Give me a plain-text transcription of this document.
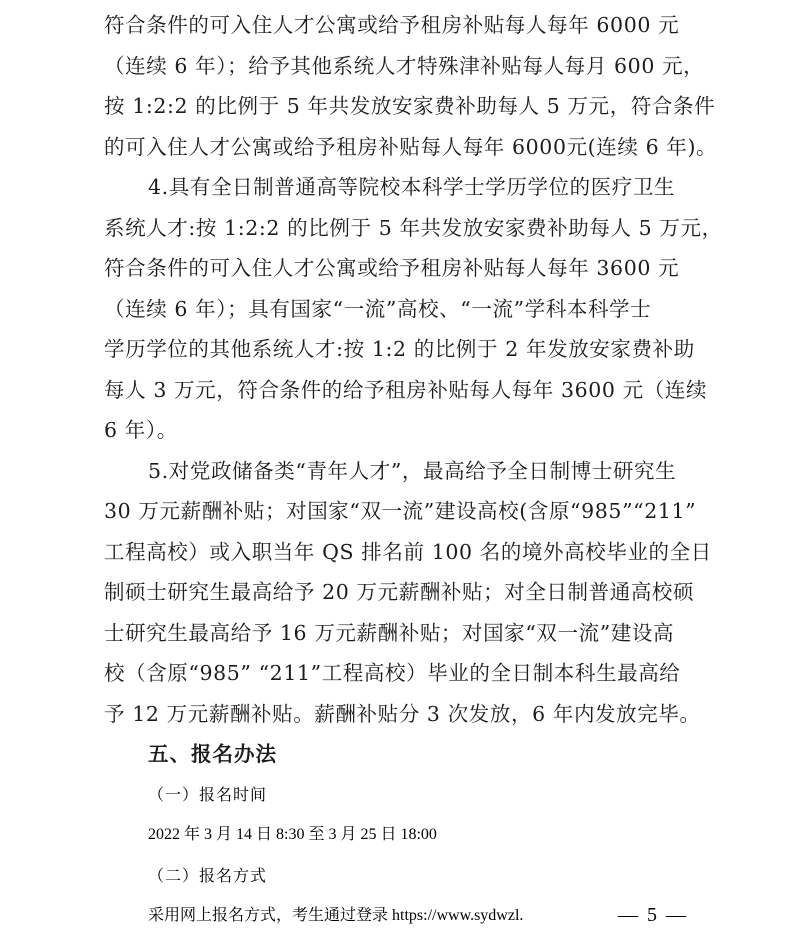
符合条件的可入住人才公寓或给予租房补贴每人每年 6000 元
（连续 6 年）；给予其他系统人才特殊津补贴每人每月 600 元，
按 1:2:2 的比例于 5 年共发放安家费补助每人 5 万元，符合条件
的可入住人才公寓或给予租房补贴每人每年 6000元(连续 6 年)。
4.具有全日制普通高等院校本科学士学历学位的医疗卫生
系统人才:按 1:2:2 的比例于 5 年共发放安家费补助每人 5 万元，
符合条件的可入住人才公寓或给予租房补贴每人每年 3600 元
（连续 6 年）；具有国家“一流”高校、“一流”学科本科学士
学历学位的其他系统人才:按 1:2 的比例于 2 年发放安家费补助
每人 3 万元，符合条件的给予租房补贴每人每年 3600 元（连续
6 年）。
5.对党政储备类“青年人才”，最高给予全日制博士研究生
30 万元薪酬补贴；对国家“双一流”建设高校(含原“985”“211”
工程高校）或入职当年 QS 排名前 100 名的境外高校毕业的全日
制硕士研究生最高给予 20 万元薪酬补贴；对全日制普通高校硕
士研究生最高给予 16 万元薪酬补贴；对国家“双一流”建设高
校（含原“985” “211”工程高校）毕业的全日制本科生最高给
予 12 万元薪酬补贴。薪酬补贴分 3 次发放，6 年内发放完毕。
五、报名办法
（一）报名时间
2022 年 3 月 14 日 8:30 至 3 月 25 日 18:00
（二）报名方式
采用网上报名方式，考生通过登录 https://www.sydwzl.	— 5 —
